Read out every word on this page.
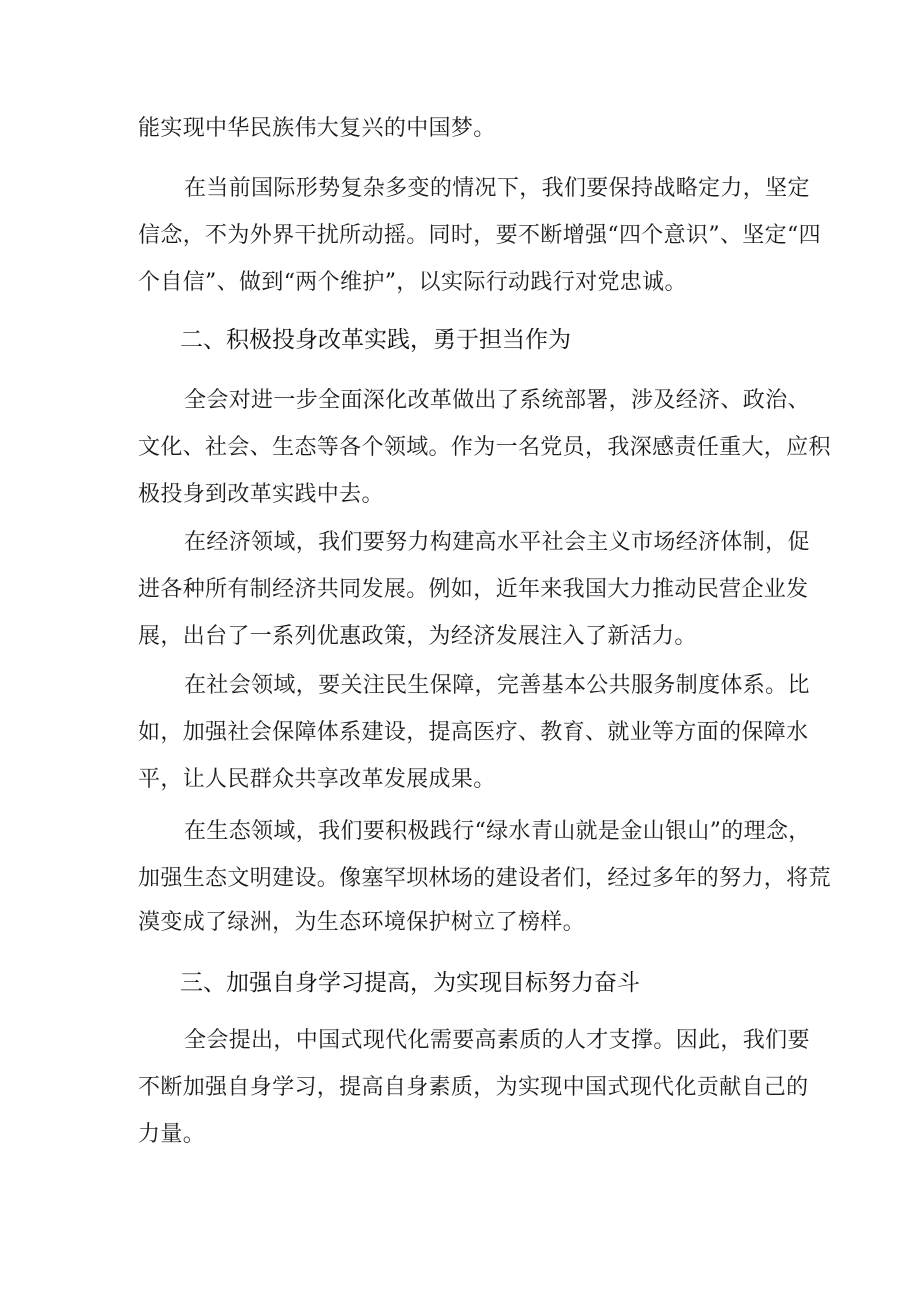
能实现中华民族伟大复兴的中国梦。

在当前国际形势复杂多变的情况下，我们要保持战略定力，坚定

信念，不为外界干扰所动摇。同时，要不断增强“四个意识”、坚定“四

个自信”、做到“两个维护”，以实际行动践行对党忠诚。

二、积极投身改革实践，勇于担当作为

全会对进一步全面深化改革做出了系统部署，涉及经济、政治、

文化、社会、生态等各个领域。作为一名党员，我深感责任重大，应积

极投身到改革实践中去。

在经济领域，我们要努力构建高水平社会主义市场经济体制，促

进各种所有制经济共同发展。例如，近年来我国大力推动民营企业发

展，出台了一系列优惠政策，为经济发展注入了新活力。

在社会领域，要关注民生保障，完善基本公共服务制度体系。比

如，加强社会保障体系建设，提高医疗、教育、就业等方面的保障水

平，让人民群众共享改革发展成果。

在生态领域，我们要积极践行“绿水青山就是金山银山”的理念，

加强生态文明建设。像塞罕坝林场的建设者们，经过多年的努力，将荒

漠变成了绿洲，为生态环境保护树立了榜样。

三、加强自身学习提高，为实现目标努力奋斗

全会提出，中国式现代化需要高素质的人才支撑。因此，我们要

不断加强自身学习，提高自身素质，为实现中国式现代化贡献自己的

力量。
